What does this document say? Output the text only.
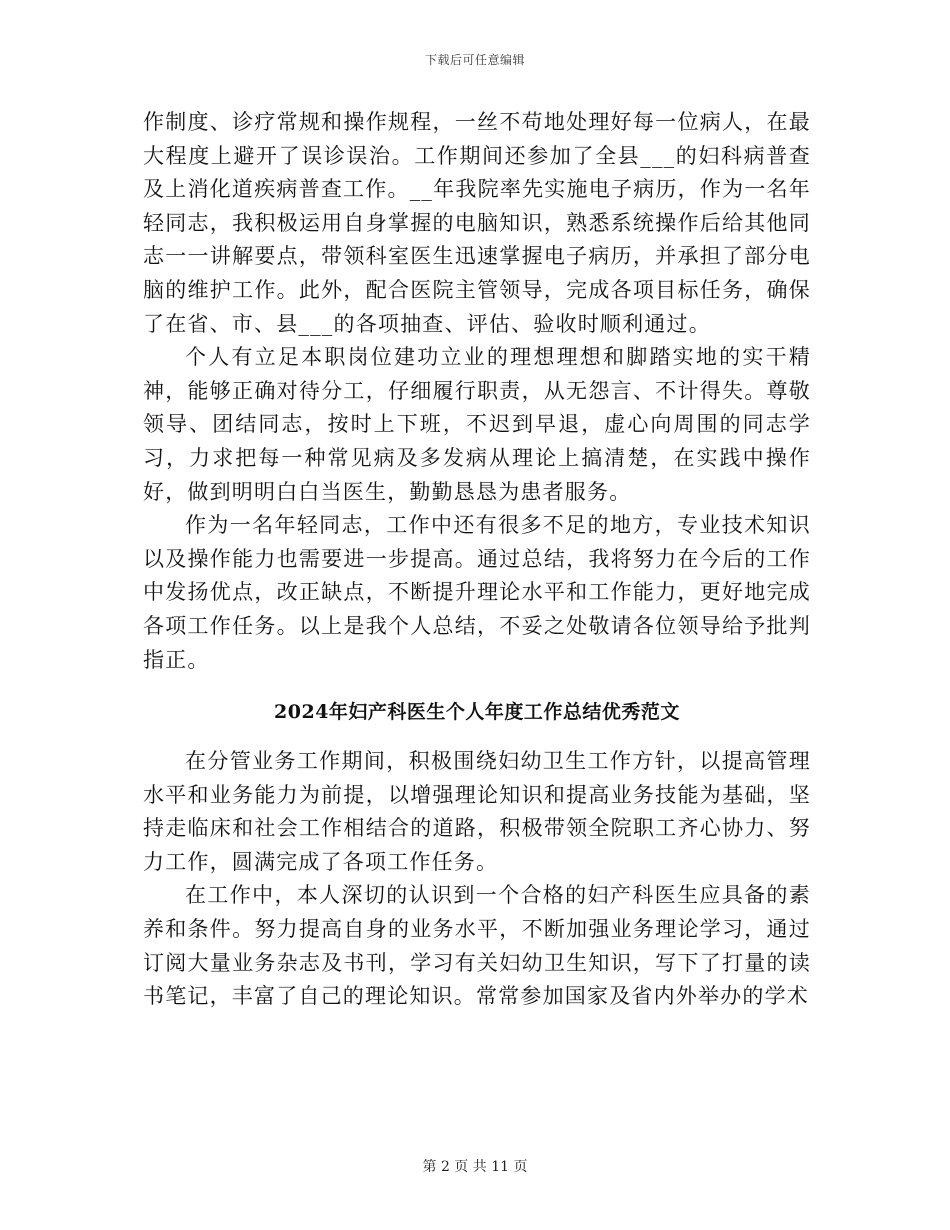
下载后可任意编辑

作制度、诊疗常规和操作规程，一丝不苟地处理好每一位病人，在最大程度上避开了误诊误治。工作期间还参加了全县___的妇科病普查及上消化道疾病普查工作。__年我院率先实施电子病历，作为一名年轻同志，我积极运用自身掌握的电脑知识，熟悉系统操作后给其他同志一一讲解要点，带领科室医生迅速掌握电子病历，并承担了部分电脑的维护工作。此外，配合医院主管领导，完成各项目标任务，确保了在省、市、县___的各项抽查、评估、验收时顺利通过。

个人有立足本职岗位建功立业的理想理想和脚踏实地的实干精神，能够正确对待分工，仔细履行职责，从无怨言、不计得失。尊敬领导、团结同志，按时上下班，不迟到早退，虚心向周围的同志学习，力求把每一种常见病及多发病从理论上搞清楚，在实践中操作好，做到明明白白当医生，勤勤恳恳为患者服务。

作为一名年轻同志，工作中还有很多不足的地方，专业技术知识以及操作能力也需要进一步提高。通过总结，我将努力在今后的工作中发扬优点，改正缺点，不断提升理论水平和工作能力，更好地完成各项工作任务。以上是我个人总结，不妥之处敬请各位领导给予批判指正。

2024年妇产科医生个人年度工作总结优秀范文

在分管业务工作期间，积极围绕妇幼卫生工作方针，以提高管理水平和业务能力为前提，以增强理论知识和提高业务技能为基础，坚持走临床和社会工作相结合的道路，积极带领全院职工齐心协力、努力工作，圆满完成了各项工作任务。

在工作中，本人深切的认识到一个合格的妇产科医生应具备的素养和条件。努力提高自身的业务水平，不断加强业务理论学习，通过订阅大量业务杂志及书刊，学习有关妇幼卫生知识，写下了打量的读书笔记，丰富了自己的理论知识。常常参加国家及省内外举办的学术

第 2 页 共 11 页
